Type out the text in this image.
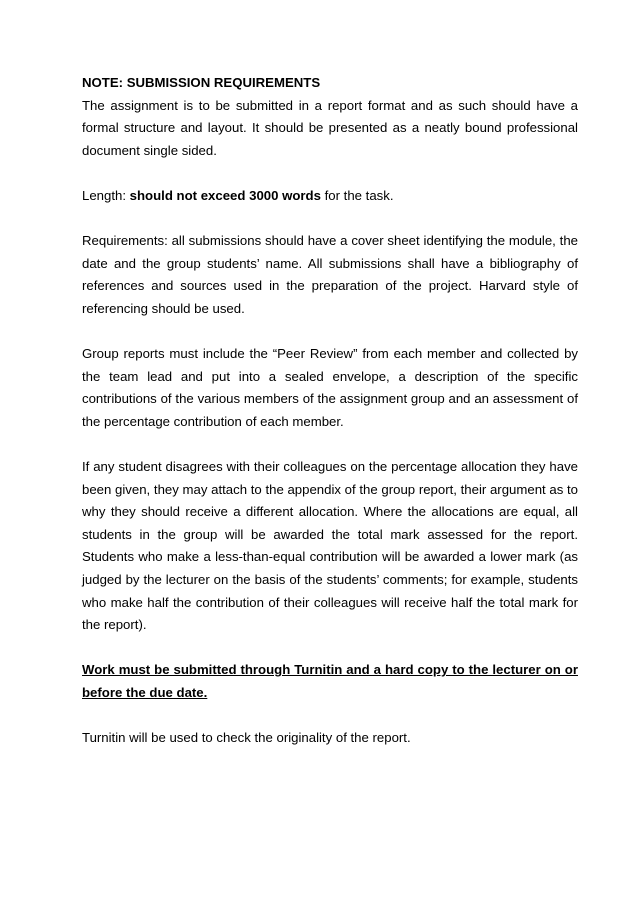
NOTE: SUBMISSION REQUIREMENTS

The assignment is to be submitted in a report format and as such should have a formal structure and layout. It should be presented as a neatly bound professional document single sided.

Length: should not exceed 3000 words for the task.

Requirements: all submissions should have a cover sheet identifying the module, the date and the group students’ name. All submissions shall have a bibliography of references and sources used in the preparation of the project. Harvard style of referencing should be used.

Group reports must include the “Peer Review” from each member and collected by the team lead and put into a sealed envelope, a description of the specific contributions of the various members of the assignment group and an assessment of the percentage contribution of each member.

If any student disagrees with their colleagues on the percentage allocation they have been given, they may attach to the appendix of the group report, their argument as to why they should receive a different allocation. Where the allocations are equal, all students in the group will be awarded the total mark assessed for the report. Students who make a less-than-equal contribution will be awarded a lower mark (as judged by the lecturer on the basis of the students’ comments; for example, students who make half the contribution of their colleagues will receive half the total mark for the report).

Work must be submitted through Turnitin and a hard copy to the lecturer on or before the due date.

Turnitin will be used to check the originality of the report.
